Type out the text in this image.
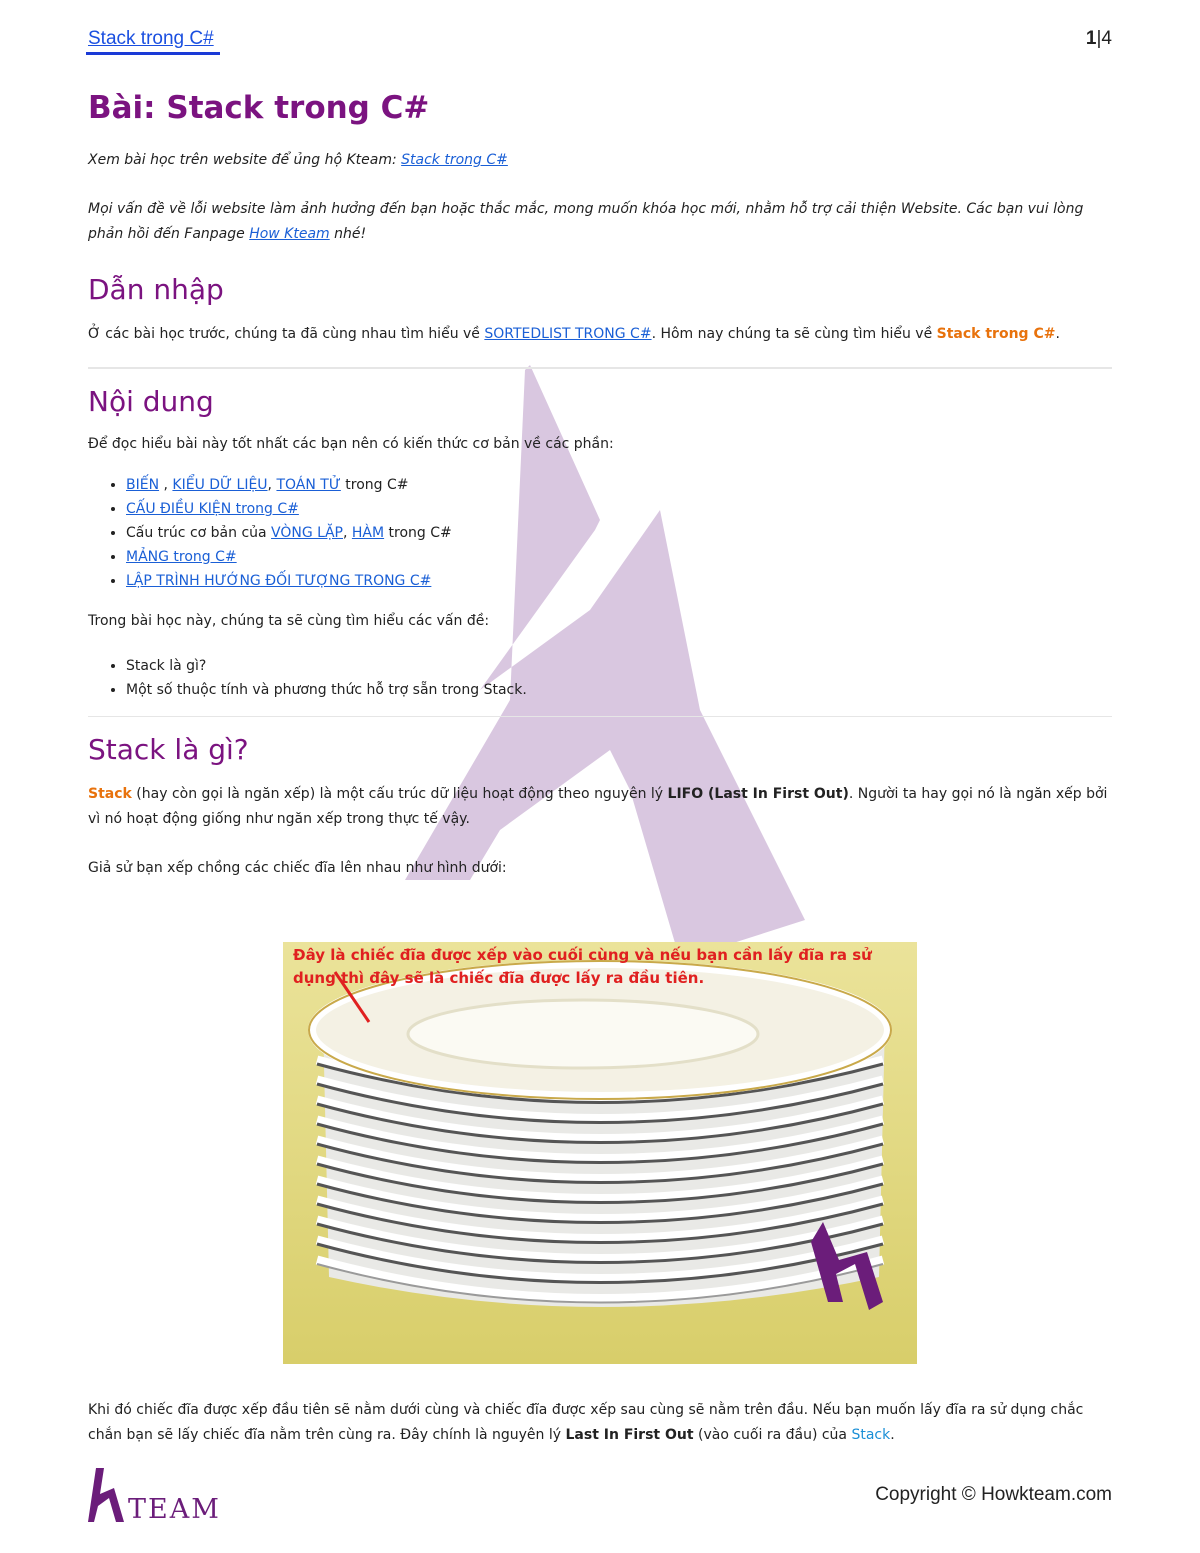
Stack trong C#	1|4
Bài: Stack trong C#

Xem bài học trên website để ủng hộ Kteam: Stack trong C#

Mọi vấn đề về lỗi website làm ảnh hưởng đến bạn hoặc thắc mắc, mong muốn khóa học mới, nhằm hỗ trợ cải thiện Website. Các bạn vui lòng phản hồi đến Fanpage How Kteam nhé!

Dẫn nhập

Ở các bài học trước, chúng ta đã cùng nhau tìm hiểu về SORTEDLIST TRONG C#. Hôm nay chúng ta sẽ cùng tìm hiểu về Stack trong C#.

Nội dung

Để đọc hiểu bài này tốt nhất các bạn nên có kiến thức cơ bản về các phần:

• BIẾN , KIỂU DỮ LIỆU, TOÁN TỬ trong C#
• CẤU ĐIỀU KIỆN trong C#
• Cấu trúc cơ bản của VÒNG LẶP, HÀM trong C#
• MẢNG trong C#
• LẬP TRÌNH HƯỚNG ĐỐI TƯỢNG TRONG C#

Trong bài học này, chúng ta sẽ cùng tìm hiểu các vấn đề:

• Stack là gì?
• Một số thuộc tính và phương thức hỗ trợ sẵn trong Stack.
Stack là gì?

Stack (hay còn gọi là ngăn xếp) là một cấu trúc dữ liệu hoạt động theo nguyên lý LIFO (Last In First Out). Người ta hay gọi nó là ngăn xếp bởi vì nó hoạt động giống như ngăn xếp trong thực tế vậy.

Giả sử bạn xếp chồng các chiếc đĩa lên nhau như hình dưới:

Đây là chiếc đĩa được xếp vào cuối cùng và nếu bạn cần lấy đĩa ra sử dụng thì đây sẽ là chiếc đĩa được lấy ra đầu tiên.

Khi đó chiếc đĩa được xếp đầu tiên sẽ nằm dưới cùng và chiếc đĩa được xếp sau cùng sẽ nằm trên đầu. Nếu bạn muốn lấy đĩa ra sử dụng chắc chắn bạn sẽ lấy chiếc đĩa nằm trên cùng ra. Đây chính là nguyên lý Last In First Out (vào cuối ra đầu) của Stack.

TEAM	Copyright © Howkteam.com
